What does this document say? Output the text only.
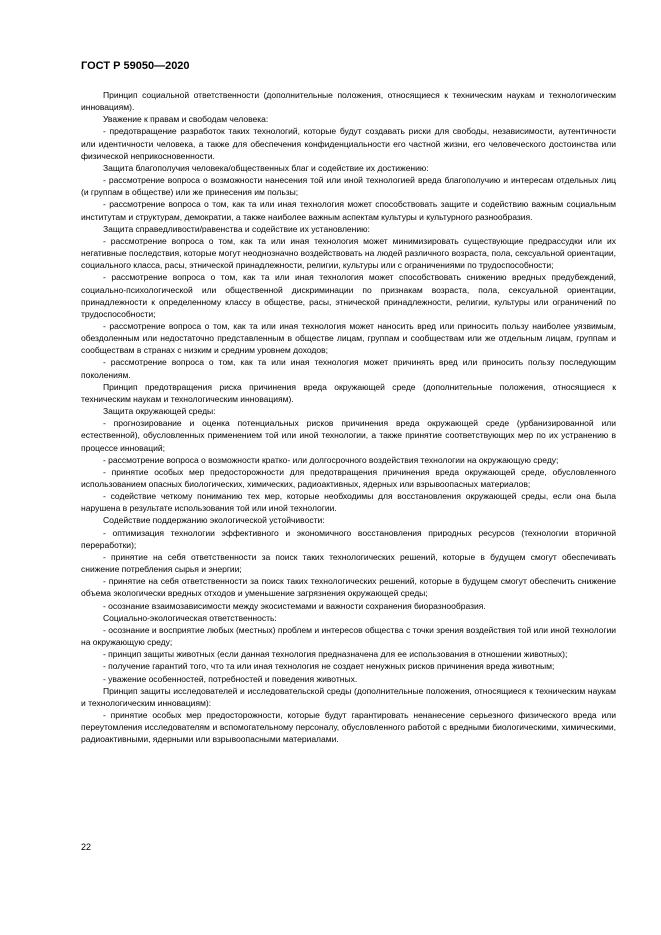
ГОСТ Р 59050—2020

Принцип социальной ответственности (дополнительные положения, относящиеся к техническим наукам и технологическим инновациям).

Уважение к правам и свободам человека:

- предотвращение разработок таких технологий, которые будут создавать риски для свободы, независимости, аутентичности или идентичности человека, а также для обеспечения конфиденциальности его частной жизни, его человеческого достоинства или физической неприкосновенности.

Защита благополучия человека/общественных благ и содействие их достижению:

- рассмотрение вопроса о возможности нанесения той или иной технологией вреда благополучию и интересам отдельных лиц (и группам в обществе) или же принесения им пользы;

- рассмотрение вопроса о том, как та или иная технология может способствовать защите и содействию важным социальным институтам и структурам, демократии, а также наиболее важным аспектам культуры и культурного разнообразия.

Защита справедливости/равенства и содействие их установлению:

- рассмотрение вопроса о том, как та или иная технология может минимизировать существующие предрассудки или их негативные последствия, которые могут неоднозначно воздействовать на людей различного возраста, пола, сексуальной ориентации, социального класса, расы, этнической принадлежности, религии, культуры или с ограничениями по трудоспособности;

- рассмотрение вопроса о том, как та или иная технология может способствовать снижению вредных предубеждений, социально-психологической или общественной дискриминации по признакам возраста, пола, сексуальной ориентации, принадлежности к определенному классу в обществе, расы, этнической принадлежности, религии, культуры или ограничений по трудоспособности;

- рассмотрение вопроса о том, как та или иная технология может наносить вред или приносить пользу наиболее уязвимым, обездоленным или недостаточно представленным в обществе лицам, группам и сообществам или же отдельным лицам, группам и сообществам в странах с низким и средним уровнем доходов;

- рассмотрение вопроса о том, как та или иная технология может причинять вред или приносить пользу последующим поколениям.

Принцип предотвращения риска причинения вреда окружающей среде (дополнительные положения, относящиеся к техническим наукам и технологическим инновациям).

Защита окружающей среды:

- прогнозирование и оценка потенциальных рисков причинения вреда окружающей среде (урбанизированной или естественной), обусловленных применением той или иной технологии, а также принятие соответствующих мер по их устранению в процессе инноваций;

- рассмотрение вопроса о возможности кратко- или долгосрочного воздействия технологии на окружающую среду;

- принятие особых мер предосторожности для предотвращения причинения вреда окружающей среде, обусловленного использованием опасных биологических, химических, радиоактивных, ядерных или взрывоопасных материалов;

- содействие четкому пониманию тех мер, которые необходимы для восстановления окружающей среды, если она была нарушена в результате использования той или иной технологии.

Содействие поддержанию экологической устойчивости:

- оптимизация технологии эффективного и экономичного восстановления природных ресурсов (технологии вторичной переработки);

- принятие на себя ответственности за поиск таких технологических решений, которые в будущем смогут обеспечивать снижение потребления сырья и энергии;

- принятие на себя ответственности за поиск таких технологических решений, которые в будущем смогут обеспечить снижение объема экологически вредных отходов и уменьшение загрязнения окружающей среды;

- осознание взаимозависимости между экосистемами и важности сохранения биоразнообразия.

Социально-экологическая ответственность:

- осознание и восприятие любых (местных) проблем и интересов общества с точки зрения воздействия той или иной технологии на окружающую среду;

- принцип защиты животных (если данная технология предназначена для ее использования в отношении животных);

- получение гарантий того, что та или иная технология не создает ненужных рисков причинения вреда животным;

- уважение особенностей, потребностей и поведения животных.

Принцип защиты исследователей и исследовательской среды (дополнительные положения, относящиеся к техническим наукам и технологическим инновациям):

- принятие особых мер предосторожности, которые будут гарантировать ненанесение серьезного физического вреда или переутомления исследователям и вспомогательному персоналу, обусловленного работой с вредными биологическими, химическими, радиоактивными, ядерными или взрывоопасными материалами.

22
